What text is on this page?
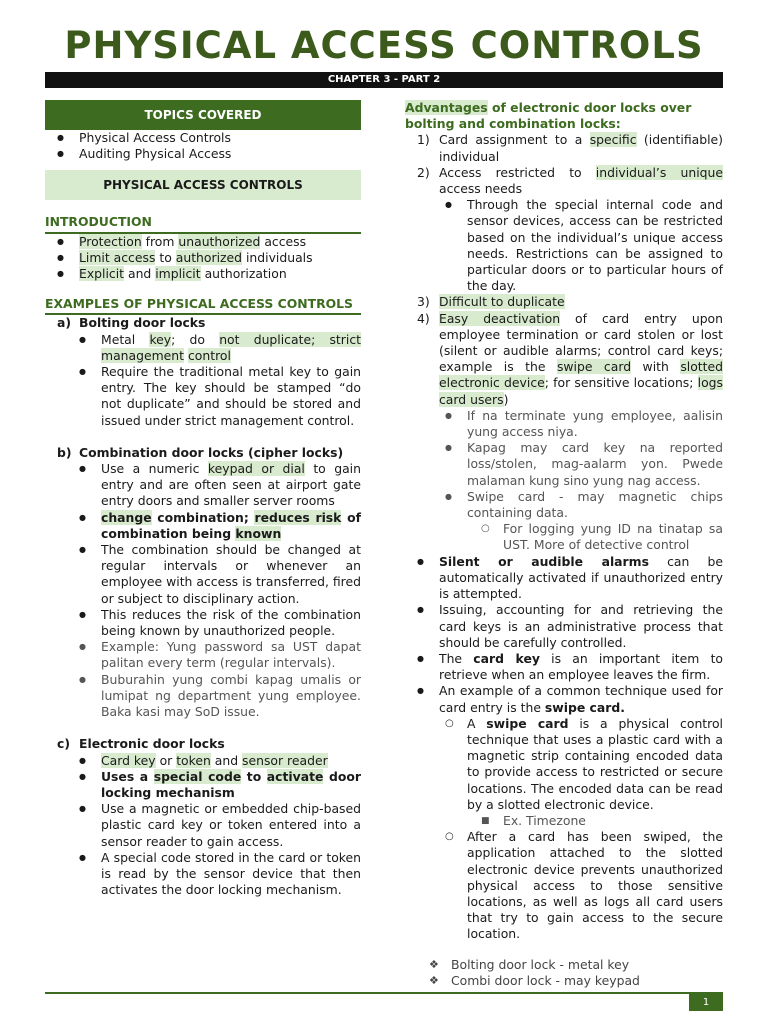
PHYSICAL ACCESS CONTROLS
CHAPTER 3 - PART 2
TOPICS COVERED
● Physical Access Controls
● Auditing Physical Access
PHYSICAL ACCESS CONTROLS
INTRODUCTION
● Protection from unauthorized access
● Limit access to authorized individuals
● Explicit and implicit authorization
EXAMPLES OF PHYSICAL ACCESS CONTROLS
a) Bolting door locks
● Metal key; do not duplicate; strict management control
● Require the traditional metal key to gain entry. The key should be stamped “do not duplicate” and should be stored and issued under strict management control.
b) Combination door locks (cipher locks)
● Use a numeric keypad or dial to gain entry and are often seen at airport gate entry doors and smaller server rooms
● change combination; reduces risk of combination being known
● The combination should be changed at regular intervals or whenever an employee with access is transferred, fired or subject to disciplinary action.
● This reduces the risk of the combination being known by unauthorized people.
● Example: Yung password sa UST dapat palitan every term (regular intervals).
● Buburahin yung combi kapag umalis or lumipat ng department yung employee. Baka kasi may SoD issue.
c) Electronic door locks
● Card key or token and sensor reader
● Uses a special code to activate door locking mechanism
● Use a magnetic or embedded chip-based plastic card key or token entered into a sensor reader to gain access.
● A special code stored in the card or token is read by the sensor device that then activates the door locking mechanism.
Advantages of electronic door locks over bolting and combination locks:
1) Card assignment to a specific (identifiable) individual
2) Access restricted to individual’s unique access needs
● Through the special internal code and sensor devices, access can be restricted based on the individual’s unique access needs. Restrictions can be assigned to particular doors or to particular hours of the day.
3) Difficult to duplicate
4) Easy deactivation of card entry upon employee termination or card stolen or lost (silent or audible alarms; control card keys; example is the swipe card with slotted electronic device; for sensitive locations; logs card users)
● If na terminate yung employee, aalisin yung access niya.
● Kapag may card key na reported loss/stolen, mag-aalarm yon. Pwede malaman kung sino yung nag access.
● Swipe card - may magnetic chips containing data.
○ For logging yung ID na tinatap sa UST. More of detective control
● Silent or audible alarms can be automatically activated if unauthorized entry is attempted.
● Issuing, accounting for and retrieving the card keys is an administrative process that should be carefully controlled.
● The card key is an important item to retrieve when an employee leaves the firm.
● An example of a common technique used for card entry is the swipe card.
○ A swipe card is a physical control technique that uses a plastic card with a magnetic strip containing encoded data to provide access to restricted or secure locations. The encoded data can be read by a slotted electronic device.
■ Ex. Timezone
○ After a card has been swiped, the application attached to the slotted electronic device prevents unauthorized physical access to those sensitive locations, as well as logs all card users that try to gain access to the secure location.
❖ Bolting door lock - metal key
❖ Combi door lock - may keypad
1
